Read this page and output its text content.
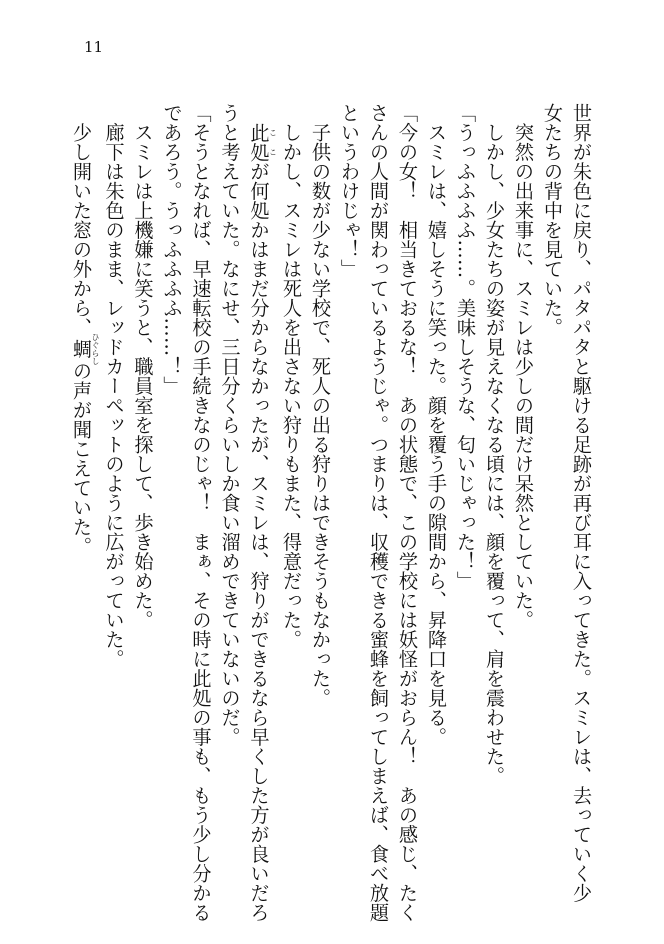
11
世界が朱色に戻り、パタパタと駆ける足跡が再び耳に入ってきた。スミレは、去っていく少
女たちの背中を見ていた。
　突然の出来事に、スミレは少しの間だけ呆然としていた。
　しかし、少女たちの姿が見えなくなる頃には、顔を覆って、肩を震わせた。
「うっふふふふ……。美味しそうな、匂いじゃった！」
　スミレは、嬉しそうに笑った。顔を覆う手の隙間から、昇降口を見る。
「今の女！　相当きておるな！　あの状態で、この学校には妖怪がおらん！　あの感じ、たく
さんの人間が関わっているようじゃ。つまりは、収穫できる蜜蜂を飼ってしまえば、食べ放題
というわけじゃ！」
　子供の数が少ない学校で、死人の出る狩りはできそうもなかった。
　しかし、スミレは死人を出さない狩りもまた、得意だった。
　此処ここが何処かはまだ分からなかったが、スミレは、狩りができるなら早くした方が良いだろ
うと考えていた。なにせ、三日分くらいしか食い溜めできていないのだ。
「そうとなれば、早速転校の手続きなのじゃ！　まぁ、その時に此処の事も、もう少し分かる
であろう。うっふふふふ……！」
　スミレは上機嫌に笑うと、職員室を探して、歩き始めた。
　廊下は朱色のまま、レッドカーペットのように広がっていた。
　少し開いた窓の外から、蜩ひぐらしの声が聞こえていた。
